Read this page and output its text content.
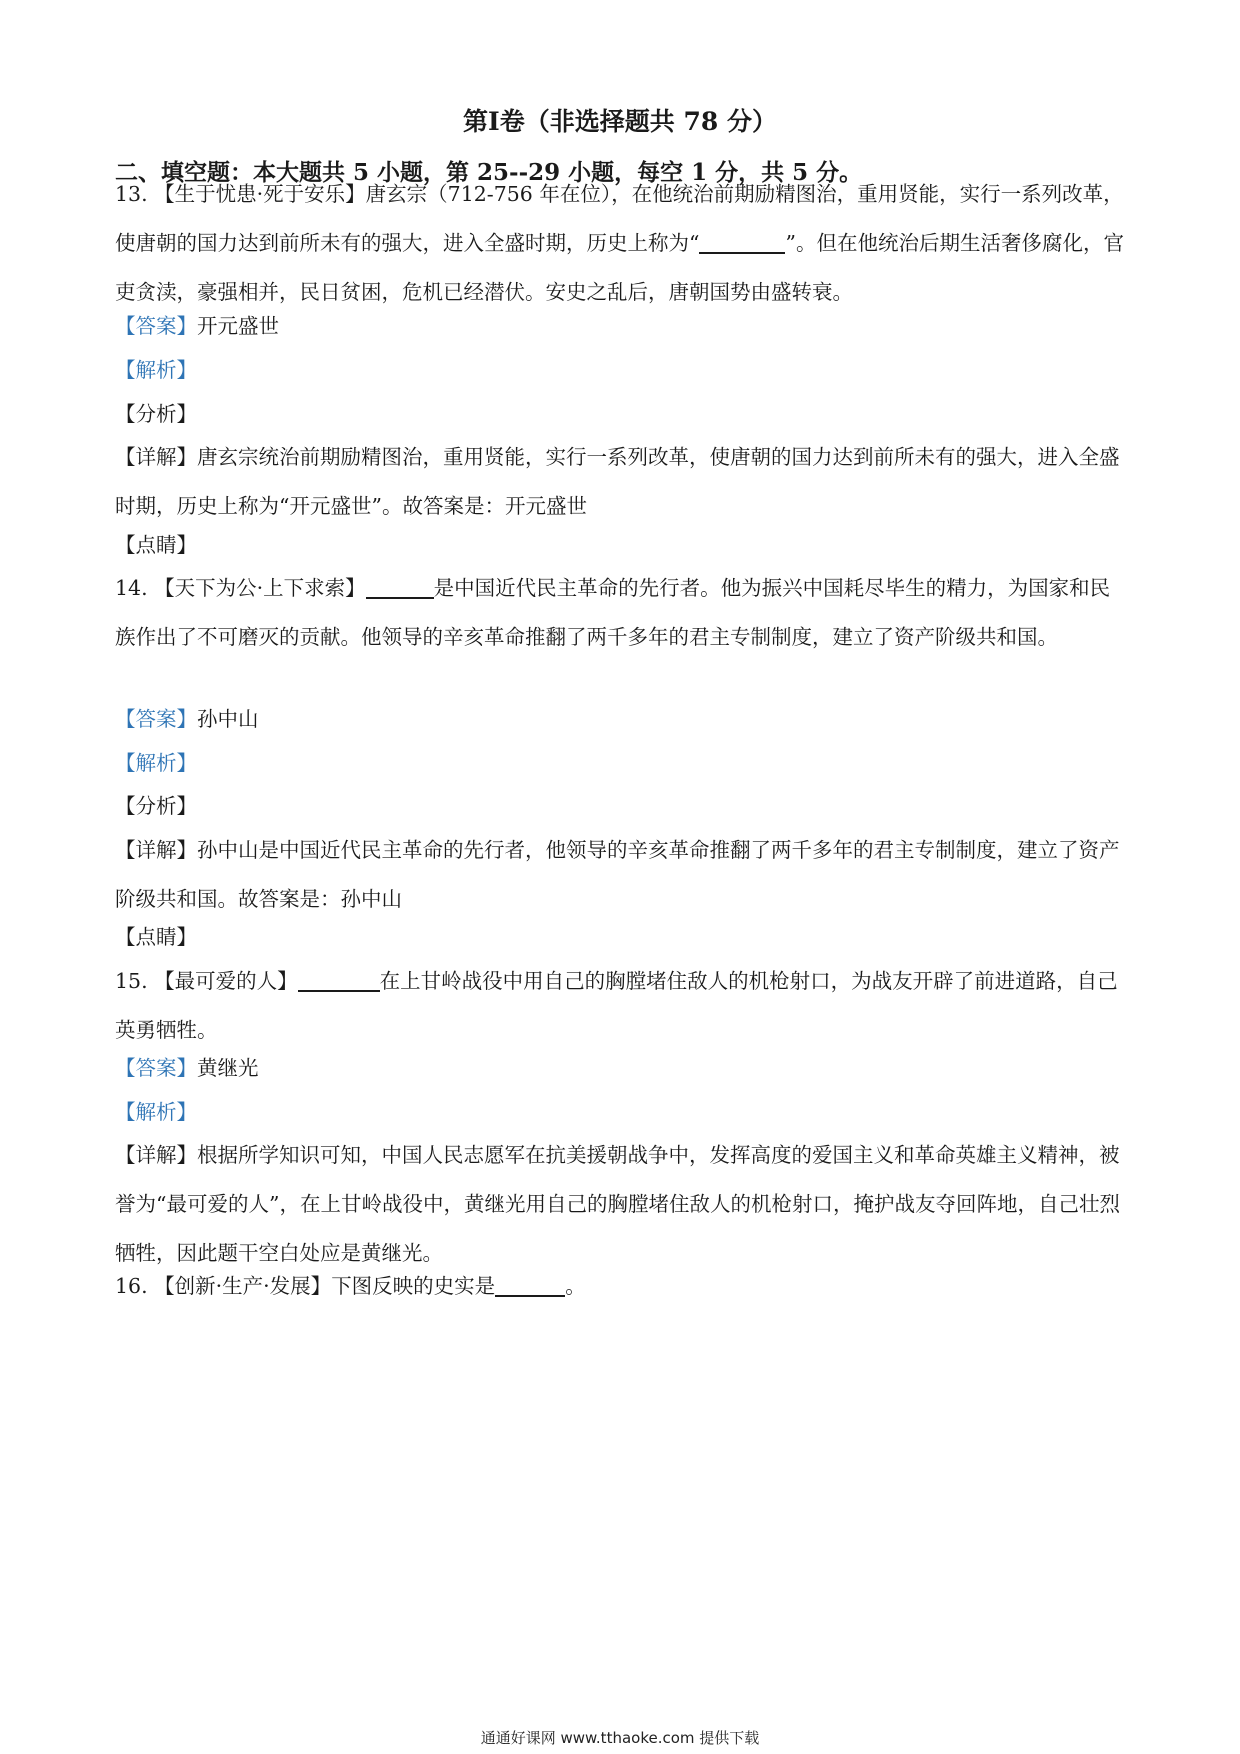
第Ⅰ卷（非选择题共 78 分）
二、填空题：本大题共 5 小题，第 25--29 小题，每空 1 分，共 5 分。

13. 【生于忧患·死于安乐】唐玄宗（712-756 年在位），在他统治前期励精图治，重用贤能，实行一系列改革，使唐朝的国力达到前所未有的强大，进入全盛时期，历史上称为“	”。但在他统治后期生活奢侈腐化，官吏贪渎，豪强相并，民日贫困，危机已经潜伏。安史之乱后，唐朝国势由盛转衰。

【答案】开元盛世

【解析】

【分析】

【详解】唐玄宗统治前期励精图治，重用贤能，实行一系列改革，使唐朝的国力达到前所未有的强大，进入全盛时期，历史上称为“开元盛世”。故答案是：开元盛世

【点睛】

14. 【天下为公·上下求索】	是中国近代民主革命的先行者。他为振兴中国耗尽毕生的精力，为国家和民族作出了不可磨灭的贡献。他领导的辛亥革命推翻了两千多年的君主专制制度，建立了资产阶级共和国。

【答案】孙中山

【解析】

【分析】

【详解】孙中山是中国近代民主革命的先行者，他领导的辛亥革命推翻了两千多年的君主专制制度，建立了资产阶级共和国。故答案是：孙中山

【点睛】

15. 【最可爱的人】	在上甘岭战役中用自己的胸膛堵住敌人的机枪射口，为战友开辟了前进道路，自己英勇牺牲。

【答案】黄继光

【解析】

【详解】根据所学知识可知，中国人民志愿军在抗美援朝战争中，发挥高度的爱国主义和革命英雄主义精神，被誉为“最可爱的人”，在上甘岭战役中，黄继光用自己的胸膛堵住敌人的机枪射口，掩护战友夺回阵地，自己壮烈牺牲，因此题干空白处应是黄继光。

16. 【创新·生产·发展】下图反映的史实是	。

通通好课网 www.tthaoke.com 提供下载
